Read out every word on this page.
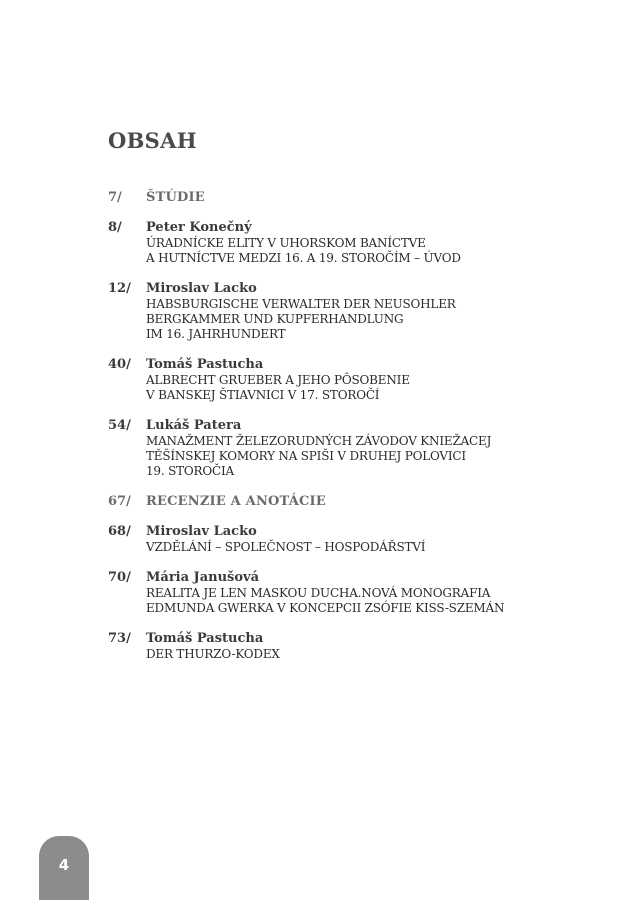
OBSAH
7/	ŠTÚDIE
8/	Peter Konečný
ÚRADNÍCKE ELITY V UHORSKOM BANÍCTVE
A HUTNÍCTVE MEDZI 16. A 19. STOROČÍM – ÚVOD
12/	Miroslav Lacko
HABSBURGISCHE VERWALTER DER NEUSOHLER
BERGKAMMER UND KUPFERHANDLUNG
IM 16. JAHRHUNDERT
40/	Tomáš Pastucha
ALBRECHT GRUEBER A JEHO PÔSOBENIE
V BANSKEJ ŠTIAVNICI V 17. STOROČÍ
54/	Lukáš Patera
MANAŽMENT ŽELEZORUDNÝCH ZÁVODOV KNIEŽACEJ
TĚŠÍNSKEJ KOMORY NA SPIŠI V DRUHEJ POLOVICI
19. STOROČIA
67/	RECENZIE A ANOTÁCIE
68/	Miroslav Lacko
VZDĚLÁNÍ – SPOLEČNOST – HOSPODÁŘSTVÍ
70/	Mária Janušová
REALITA JE LEN MASKOU DUCHA.NOVÁ MONOGRAFIA
EDMUNDA GWERKA V KONCEPCII ZSÓFIE KISS-SZEMÁN
73/	Tomáš Pastucha
DER THURZO-KODEX
4
